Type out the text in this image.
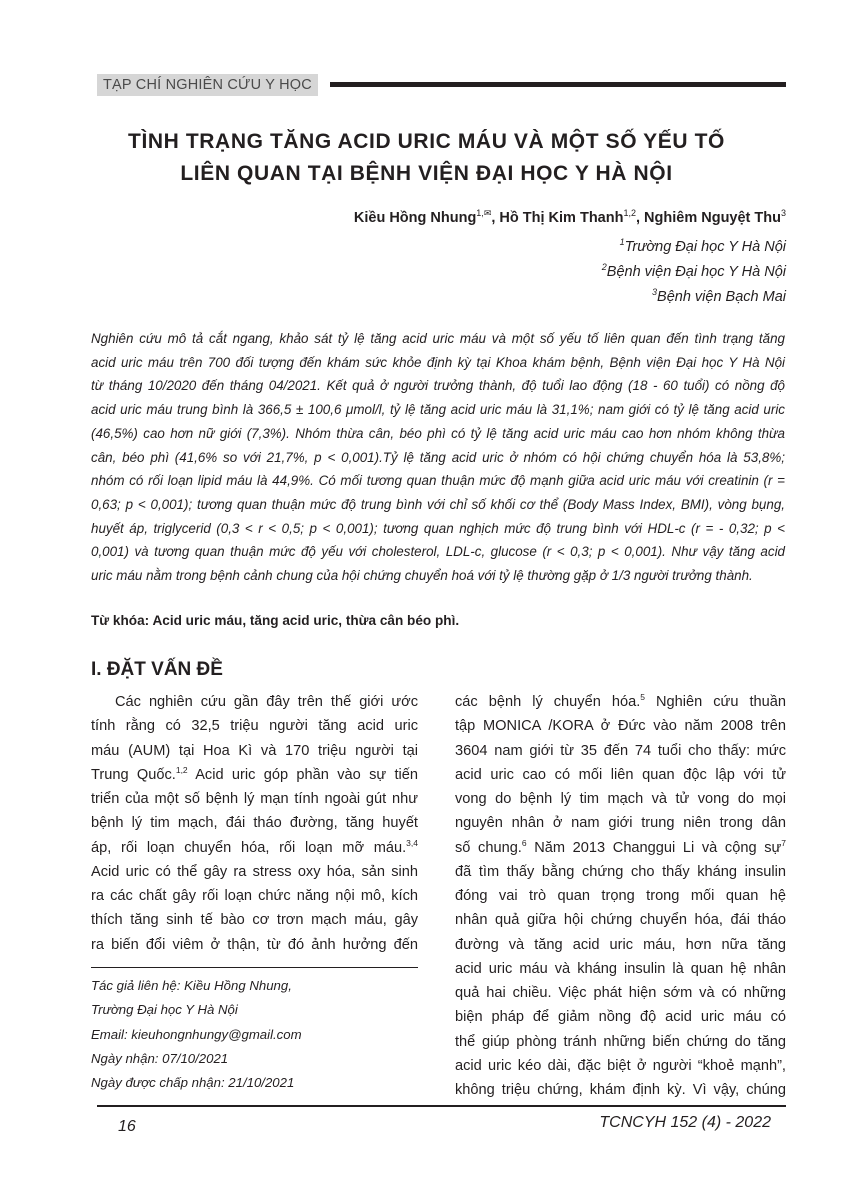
TẠP CHÍ NGHIÊN CỨU Y HỌC
TÌNH TRẠNG TĂNG ACID URIC MÁU VÀ MỘT SỐ YẾU TỐ
LIÊN QUAN TẠI BỆNH VIỆN ĐẠI HỌC Y HÀ NỘI
Kiều Hồng Nhung$^{1,✉}$, Hồ Thị Kim Thanh$^{1,2}$, Nghiêm Nguyệt Thu$^3$
$^1$Trường Đại học Y Hà Nội
$^2$Bệnh viện Đại học Y Hà Nội
$^3$Bệnh viện Bạch Mai
Nghiên cứu mô tả cắt ngang, khảo sát tỷ lệ tăng acid uric máu và một số yếu tố liên quan đến tình trạng tăng
acid uric máu trên 700 đối tượng đến khám sức khỏe định kỳ tại Khoa khám bệnh, Bệnh viện Đại học Y Hà Nội
từ tháng 10/2020 đến tháng 04/2021. Kết quả ở người trưởng thành, độ tuổi lao động (18 - 60 tuổi) có nồng độ
acid uric máu trung bình là 366,5 ± 100,6 μmol/l, tỷ lệ tăng acid uric máu là 31,1%; nam giới có tỷ lệ tăng acid uric
(46,5%) cao hơn nữ giới (7,3%). Nhóm thừa cân, béo phì có tỷ lệ tăng acid uric máu cao hơn nhóm không thừa
cân, béo phì (41,6% so với 21,7%, p < 0,001).Tỷ lệ tăng acid uric ở nhóm có hội chứng chuyển hóa là 53,8%;
nhóm có rối loạn lipid máu là 44,9%. Có mối tương quan thuận mức độ mạnh giữa acid uric máu với creatinin (r =
0,63; p < 0,001); tương quan thuận mức độ trung bình với chỉ số khối cơ thể (Body Mass Index, BMI), vòng bụng,
huyết áp, triglycerid (0,3 < r < 0,5; p < 0,001); tương quan nghịch mức độ trung bình với HDL-c (r = - 0,32; p <
0,001) và tương quan thuận mức độ yếu với cholesterol, LDL-c, glucose (r < 0,3; p < 0,001). Như vậy tăng acid
uric máu nằm trong bệnh cảnh chung của hội chứng chuyển hoá với tỷ lệ thường gặp ở 1/3 người trưởng thành.
Từ khóa: Acid uric máu, tăng acid uric, thừa cân béo phì.
I. ĐẶT VẤN ĐỀ
Các nghiên cứu gần đây trên thế giới ước
tính rằng có 32,5 triệu người tăng acid uric
máu (AUM) tại Hoa Kì và 170 triệu người tại
Trung Quốc.$^{1,2}$ Acid uric góp phần vào sự tiến
triển của một số bệnh lý mạn tính ngoài gút như
bệnh lý tim mạch, đái tháo đường, tăng huyết
áp, rối loạn chuyển hóa, rối loạn mỡ máu.$^{3,4}$
Acid uric có thể gây ra stress oxy hóa, sản sinh
ra các chất gây rối loạn chức năng nội mô, kích
thích tăng sinh tế bào cơ trơn mạch máu, gây
ra biến đổi viêm ở thận, từ đó ảnh hưởng đến
Tác giả liên hệ: Kiều Hồng Nhung,
Trường Đại học Y Hà Nội
Email: kieuhongnhungy@gmail.com
Ngày nhận: 07/10/2021
Ngày được chấp nhận: 21/10/2021
các bệnh lý chuyển hóa.$^5$ Nghiên cứu thuần
tập MONICA /KORA ở Đức vào năm 2008 trên
3604 nam giới từ 35 đến 74 tuổi cho thấy: mức
acid uric cao có mối liên quan độc lập với tử
vong do bệnh lý tim mạch và tử vong do mọi
nguyên nhân ở nam giới trung niên trong dân
số chung.$^6$ Năm 2013 Changgui Li và cộng sự$^7$
đã tìm thấy bằng chứng cho thấy kháng insulin
đóng vai trò quan trọng trong mối quan hệ
nhân quả giữa hội chứng chuyển hóa, đái tháo
đường và tăng acid uric máu, hơn nữa tăng
acid uric máu và kháng insulin là quan hệ nhân
quả hai chiều. Việc phát hiện sớm và có những
biện pháp để giảm nồng độ acid uric máu có
thể giúp phòng tránh những biến chứng do tăng
acid uric kéo dài, đặc biệt ở người “khoẻ mạnh”,
không triệu chứng, khám định kỳ. Vì vậy, chúng
16	TCNCYH 152 (4) - 2022
